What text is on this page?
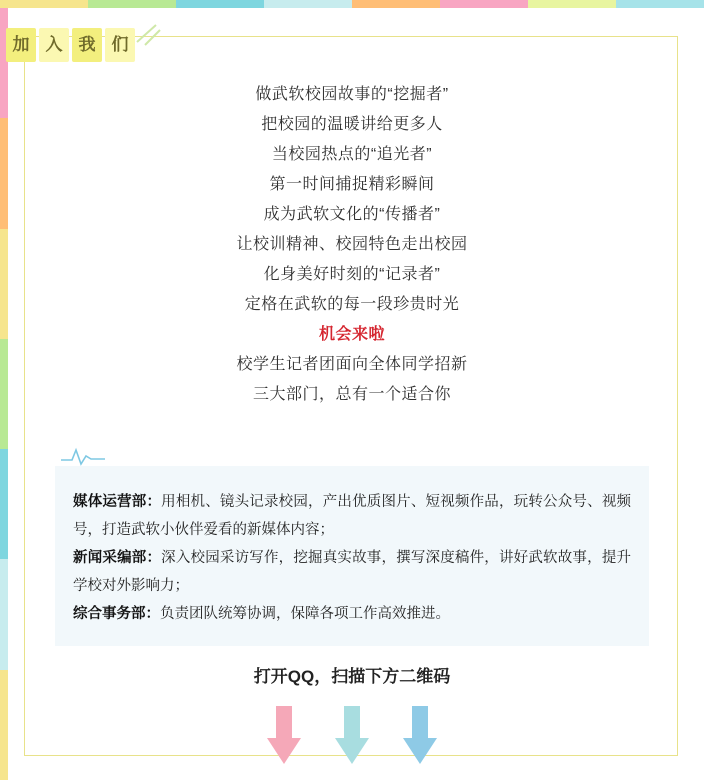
加 入 我 们
做武软校园故事的“挖掘者”
把校园的温暖讲给更多人
当校园热点的“追光者”
第一时间捕捉精彩瞬间
成为武软文化的“传播者”
让校训精神、校园特色走出校园
化身美好时刻的“记录者”
定格在武软的每一段珍贵时光
机会来啦
校学生记者团面向全体同学招新
三大部门，总有一个适合你
媒体运营部：用相机、镜头记录校园，产出优质图片、短视频作品，玩转公众号、视频号，打造武软小伙伴爱看的新媒体内容；
新闻采编部：深入校园采访写作，挖掘真实故事，撰写深度稿件，讲好武软故事，提升学校对外影响力；
综合事务部：负责团队统筹协调，保障各项工作高效推进。
打开QQ，扫描下方二维码
